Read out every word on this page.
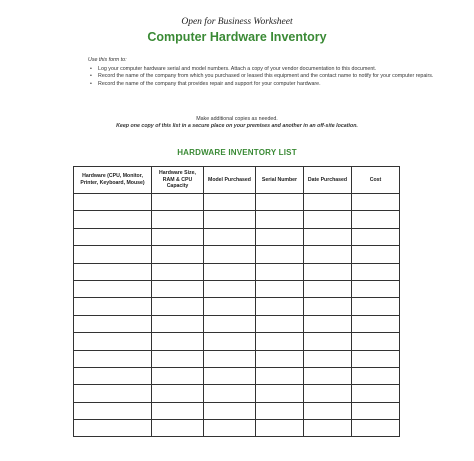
Open for Business Worksheet
Computer Hardware Inventory
Use this form to:
• Log your computer hardware serial and model numbers. Attach a copy of your vendor documentation to this document.
• Record the name of the company from which you purchased or leased this equipment and the contact name to notify for your computer repairs.
• Record the name of the company that provides repair and support for your computer hardware.
Make additional copies as needed.
Keep one copy of this list in a secure place on your premises and another in an off-site location.
HARDWARE INVENTORY LIST
Hardware (CPU, Monitor, Printer, Keyboard, Mouse)	Hardware Size, RAM & CPU Capacity	Model Purchased	Serial Number	Date Purchased	Cost
